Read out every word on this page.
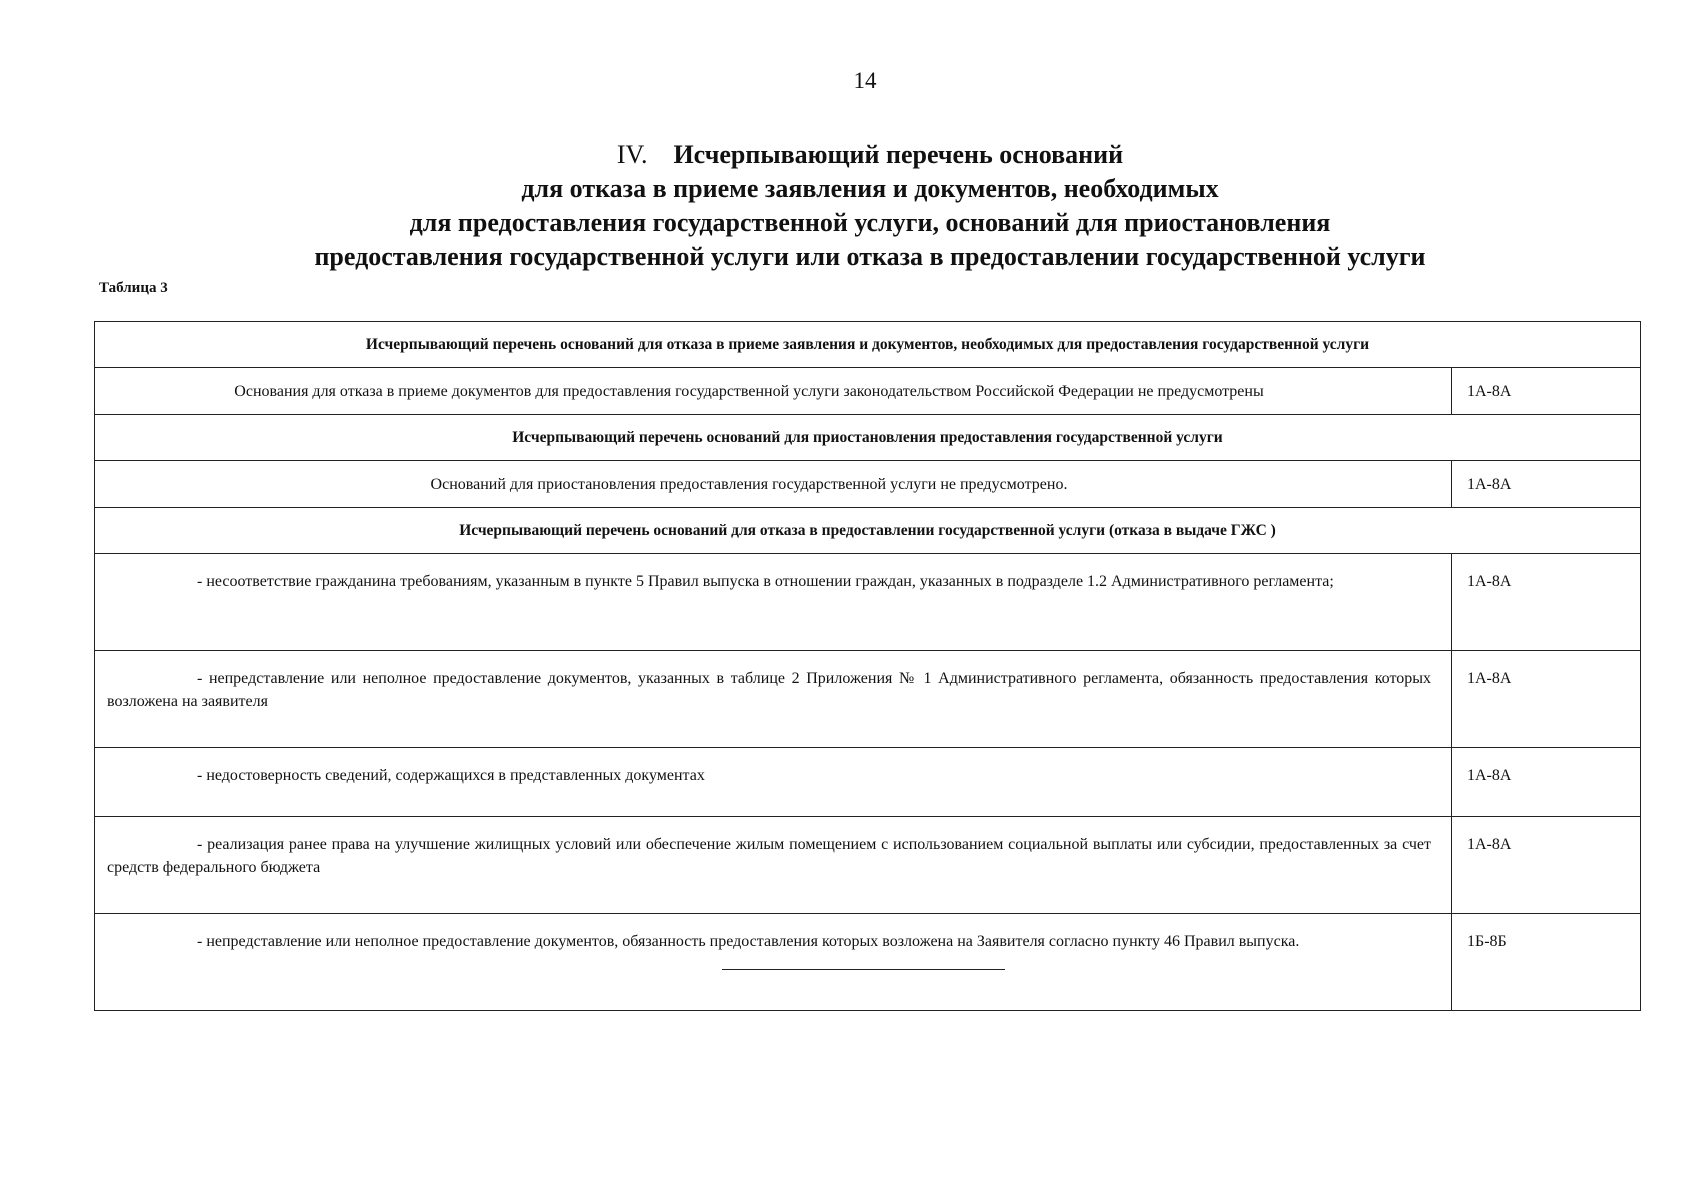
14
IV. Исчерпывающий перечень оснований
для отказа в приеме заявления и документов, необходимых
для предоставления государственной услуги, оснований для приостановления
предоставления государственной услуги или отказа в предоставлении государственной услуги
Таблица 3
Исчерпывающий перечень оснований для отказа в приеме заявления и документов, необходимых для предоставления государственной услуги	
Основания для отказа в приеме документов для предоставления государственной услуги законодательством Российской Федерации не предусмотрены	1А-8А
Исчерпывающий перечень оснований для приостановления предоставления государственной услуги	
Оснований для приостановления предоставления государственной услуги не предусмотрено.	1А-8А
Исчерпывающий перечень оснований для отказа в предоставлении государственной услуги (отказа в выдаче ГЖС )	
- несоответствие гражданина требованиям, указанным в пункте 5 Правил выпуска в отношении граждан, указанных в подразделе 1.2 Административного регламента;	1А-8А
- непредставление или неполное предоставление документов, указанных в таблице 2 Приложения № 1 Административного регламента, обязанность предоставления которых возложена на заявителя	1А-8А
- недостоверность сведений, содержащихся в представленных документах	1А-8А
- реализация ранее права на улучшение жилищных условий или обеспечение жилым помещением с использованием социальной выплаты или субсидии, предоставленных за счет средств федерального бюджета	1А-8А
- непредставление или неполное предоставление документов, обязанность предоставления которых возложена на Заявителя согласно пункту 46 Правил выпуска.	1Б-8Б
